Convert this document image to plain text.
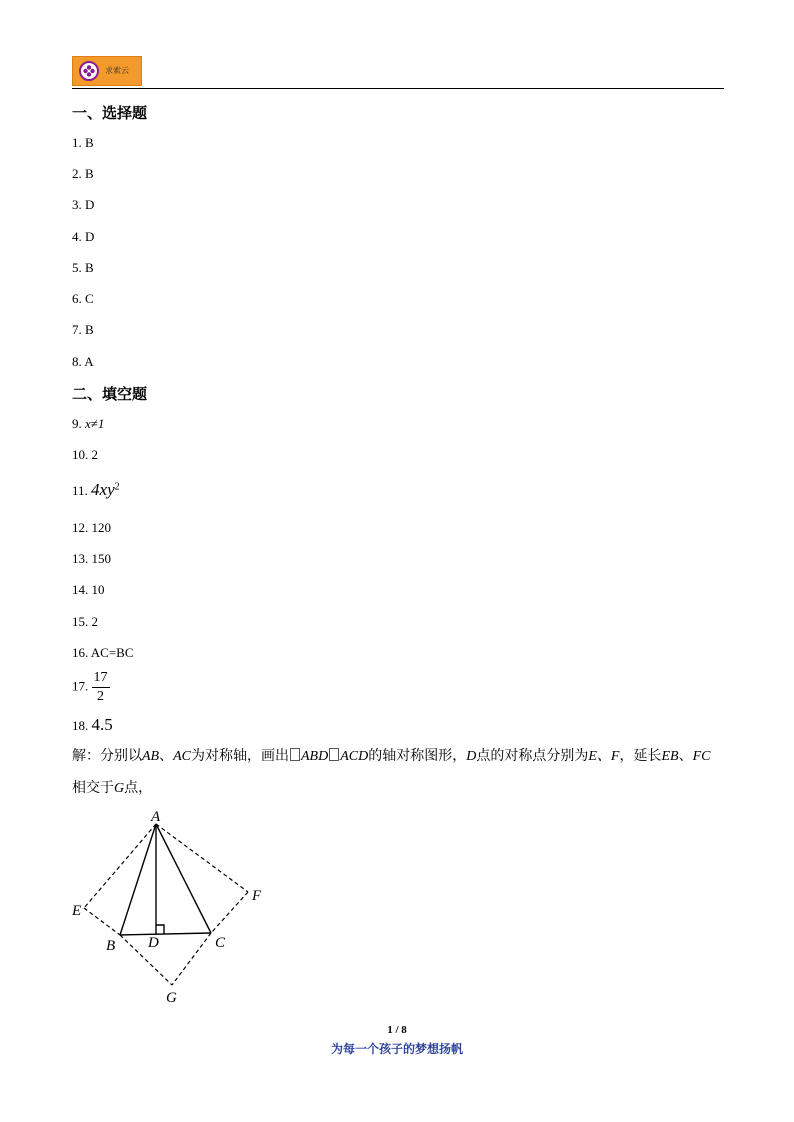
求索云
一、选择题
1. B
2. B
3. D
4. D
5. B
6. C
7. B
8. A
二、填空题
9. x≠1
10. 2
11. $4xy^2$
12. 120
13. 150
14. 10
15. 2
16. AC=BC
17. $\frac{17}{2}$
18. 4.5
解：分别以AB、AC为对称轴，画出 ABD ACD的轴对称图形，D点的对称点分别为E、F，延长EB、FC
相交于G点，
A
B	C
D
E
F
G
1 / 8
为每一个孩子的梦想扬帆
